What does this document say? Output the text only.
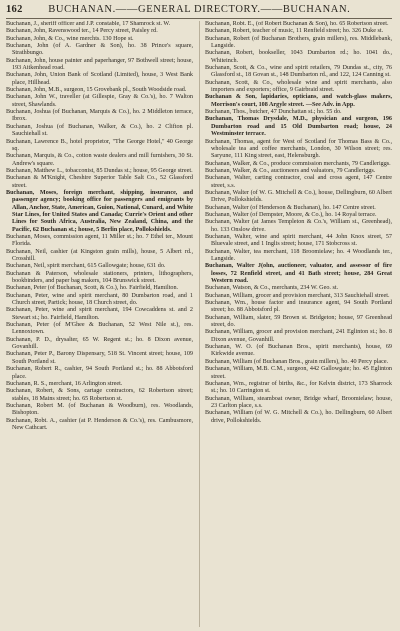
162	BUCHANAN.——GENERAL DIRECTORY.——BUCHANAN.

Buchanan, J., sheriff officer and J.P. constable, 17 Shamrock st. W.

Buchanan, John, Ravenswood ter., 14 Percy street, Paisley rd.

Buchanan, John, & Co., wine merchts. 130 Hope st.

Buchanan, John (of A. Gardner & Son), ho. 38 Prince's square, Strathbungo.

Buchanan, John, house painter and paperhanger, 97 Bothwell street; house, 193 Aitkenhead road.

Buchanan, John, Union Bank of Scotland (Limited), house, 3 West Bank place, Hillhead.

Buchanan, John, M.B., surgeon, 15 Grovebank pl., South Woodside road.

Buchanan, John W., traveller (at Gillespie, Gray & Co.'s), ho. 7 Walton street, Shawlands.

Buchanan, Joshua (of Buchanan, Marquis & Co.), ho. 2 Middleton terrace, Ibrox.

Buchanan, Joshua (of Buchanan, Walker, & Co.), ho. 2 Clifton pl. Sauchiehall st.

Buchanan, Lawrence B., hotel proprietor, "The George Hotel," 40 George sq.

Buchanan, Marquis, & Co., cotton waste dealers and mill furnishers, 30 St. Andrew's square.

Buchanan, Matthew L., tobacconist, 85 Dundas st.; house, 95 George street.

Buchanan & M'Knight, Cheshire Superior Table Salt Co., 52 Glassford street.

Buchanan, Moses, foreign merchant, shipping, insurance, and passenger agency; booking office for passengers and emigrants by Allan, Anchor, State, American, Guion, National, Cunard, and White Star Lines, for United States and Canada; Currie's Orient and other Lines for South Africa, Australia, New Zealand, China, and the Pacific, 62 Buchanan st.; house, 5 Berlin place, Pollokshields.

Buchanan, Moses, commission agent, 11 Miller st.; ho. 7 Ethel ter., Mount Florida.

Buchanan, Neil, cashier (at Kingston grain mills), house, 5 Albert rd., Crosshill.

Buchanan, Neil, spirit merchant, 615 Gallowgate; house, 631 do.

Buchanan & Paterson, wholesale stationers, printers, lithographers, bookbinders, and paper bag makers, 104 Brunswick street.

Buchanan, Peter (of Buchanan, Scott, & Co.), ho. Fairfield, Hamilton.

Buchanan, Peter, wine and spirit merchant, 80 Dumbarton road, and 1 Church street, Partick; house, 18 Church street, do.

Buchanan, Peter, wine and spirit merchant, 194 Cowcaddens st. and 2 Stewart st.; ho. Fairfield, Hamilton.

Buchanan, Peter (of M'Ghee & Buchanan, 52 West Nile st.), res. Lennoxtown.

Buchanan, P. D., drysalter, 65 W. Regent st.; ho. 8 Dixon avenue, Govanhill.

Buchanan, Peter P., Barony Dispensary, 518 St. Vincent street; house, 109 South Portland st.

Buchanan, Robert R., cashier, 94 South Portland st.; ho. 88 Abbotsford place.

Buchanan, R. S., merchant, 16 Arlington street.

Buchanan, Robert, & Sons, cartage contractors, 62 Robertson street; stables, 18 Mains street; ho. 65 Robertson st.

Buchanan, Robert M. (of Buchanan & Woodburn), res. Woodlands, Bishopton.

Buchanan, Robt. A., cashier (at P. Henderson & Co.'s), res. Cambusmore, New Cathcart.

Buchanan, Robt. E., (of Robert Buchanan & Son), ho. 65 Robertson street.

Buchanan, Robert, teacher of music, 11 Renfield street; ho. 326 Duke st.

Buchanan, Robert (of Buchanan Brothers, grain millers), res. Middlebank, Langside.

Buchanan, Robert, bookseller, 1043 Dumbarton rd.; ho. 1041 do., Whiteinch.

Buchanan, Scott, & Co., wine and spirit retailers, 79 Dundas st., city, 76 Glassford st., 18 Govan st., 148 Dumbarton rd., and 122, 124 Canning st.

Buchanan, Scott, & Co., wholesale wine and spirit merchants, also importers and exporters; office, 9 Gairbraid street.

Buchanan & Son, lapidaries, opticians, and watch-glass makers, Morrison's court, 108 Argyle street. —See Adv. in App.

Buchanan, Thos., butcher, 47 Dunchattan st.; ho. 55 do.

Buchanan, Thomas Drysdale, M.D., physician and surgeon, 196 Dumbarton road and 15 Old Dumbarton road; house, 24 Westminster terrace.

Buchanan, Thomas, agent for West of Scotland for Thomas Bass & Co., wholesale tea and coffee merchants, London, 30 Wilson street; res. Saryune, 111 King street, east, Helensburgh.

Buchanan, Walker, & Co., produce commission merchants, 79 Candleriggs.

Buchanan, Walker, & Co., auctioneers and valuators, 79 Candleriggs.

Buchanan, Walter, carting contractor, coal and cross agent, 147 Centre street, s.s.

Buchanan, Walter (of W. G. Mitchell & Co.), house, Dellingburn, 60 Albert Drive, Pollokshields.

Buchanan, Walter (of Henderson & Buchanan), ho. 147 Centre street.

Buchanan, Walter (of Dempster, Moore, & Co.), ho. 14 Royal terrace.

Buchanan, Walter (at James Templeton & Co.'s, William st., Greenhead), ho. 133 Onslow drive.

Buchanan, Walter, wine and spirit merchant, 44 John Knox street, 57 Bluevale street, and 1 Inglis street; house, 171 Stobcross st.

Buchanan, Walter, tea merchant, 118 Broomielaw; ho. 4 Woodlands ter., Langside.

Buchanan, Walter J(ohn, auctioneer, valuator, and assessor of fire losses, 72 Renfield street, and 41 Bath street; house, 284 Great Western road.

Buchanan, Watson, & Co., merchants, 234 W. Geo. st.

Buchanan, William, grocer and provision merchant, 313 Sauchiehall street.

Buchanan, Wm., house factor and insurance agent, 94 South Portland street; ho. 88 Abbotsford pl.

Buchanan, William, slater, 59 Brown st. Bridgeton; house, 97 Greenhead street, do.

Buchanan, William, grocer and provision merchant, 241 Eglinton st.; ho. 8 Dixon avenue, Govanhill.

Buchanan, W. O. (of Buchanan Bros., spirit merchants), house, 69 Kirkwide avenue.

Buchanan, William (of Buchanan Bros., grain millers), ho. 40 Percy place.

Buchanan, William, M.B. C.M., surgeon, 442 Gallowgate; ho. 45 Eglinton street.

Buchanan, Wm., registrar of births, &c., for Kelvin district, 173 Sharrock st.; ho. 10 Carrington st.

Buchanan, William, steamboat owner, Bridge wharf, Broomielaw; house, 23 Carlton place, s.s.

Buchanan, William (of W. G. Mitchell & Co.), ho. Dellingburn, 60 Albert drive, Pollokshields.
